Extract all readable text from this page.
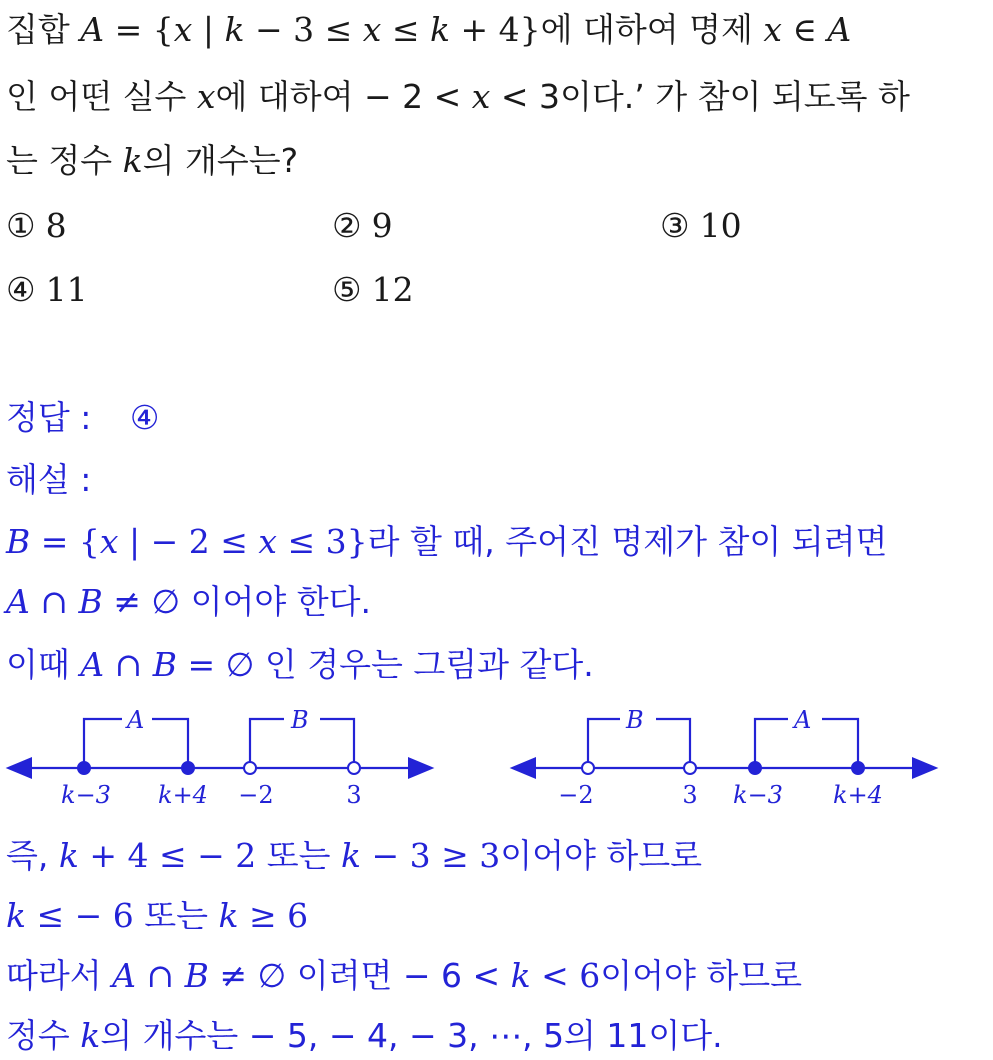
집합 A = {x | k − 3 ≤ x ≤ k + 4}에 대하여 명제 x ∈ A
인 어떤 실수 x에 대하여 − 2 < x < 3이다.’ 가 참이 되도록 하
는 정수 k의 개수는?
① 8	② 9	③ 10
④ 11	⑤ 12
정답 : ④
해설 :
B = {x | − 2 ≤ x ≤ 3}라 할 때, 주어진 명제가 참이 되려면
A ∩ B ≠ ∅ 이어야 한다.
이때 A ∩ B = ∅ 인 경우는 그림과 같다.
A	B	B	A
k−3 k+4 −2	3	−2	3 k−3 k+4
즉, k + 4 ≤ − 2 또는 k − 3 ≥ 3이어야 하므로
k ≤ − 6 또는 k ≥ 6
따라서 A ∩ B ≠ ∅ 이려면 − 6 < k < 6이어야 하므로
정수 k의 개수는 − 5, − 4, − 3, ⋯, 5의 11이다.
